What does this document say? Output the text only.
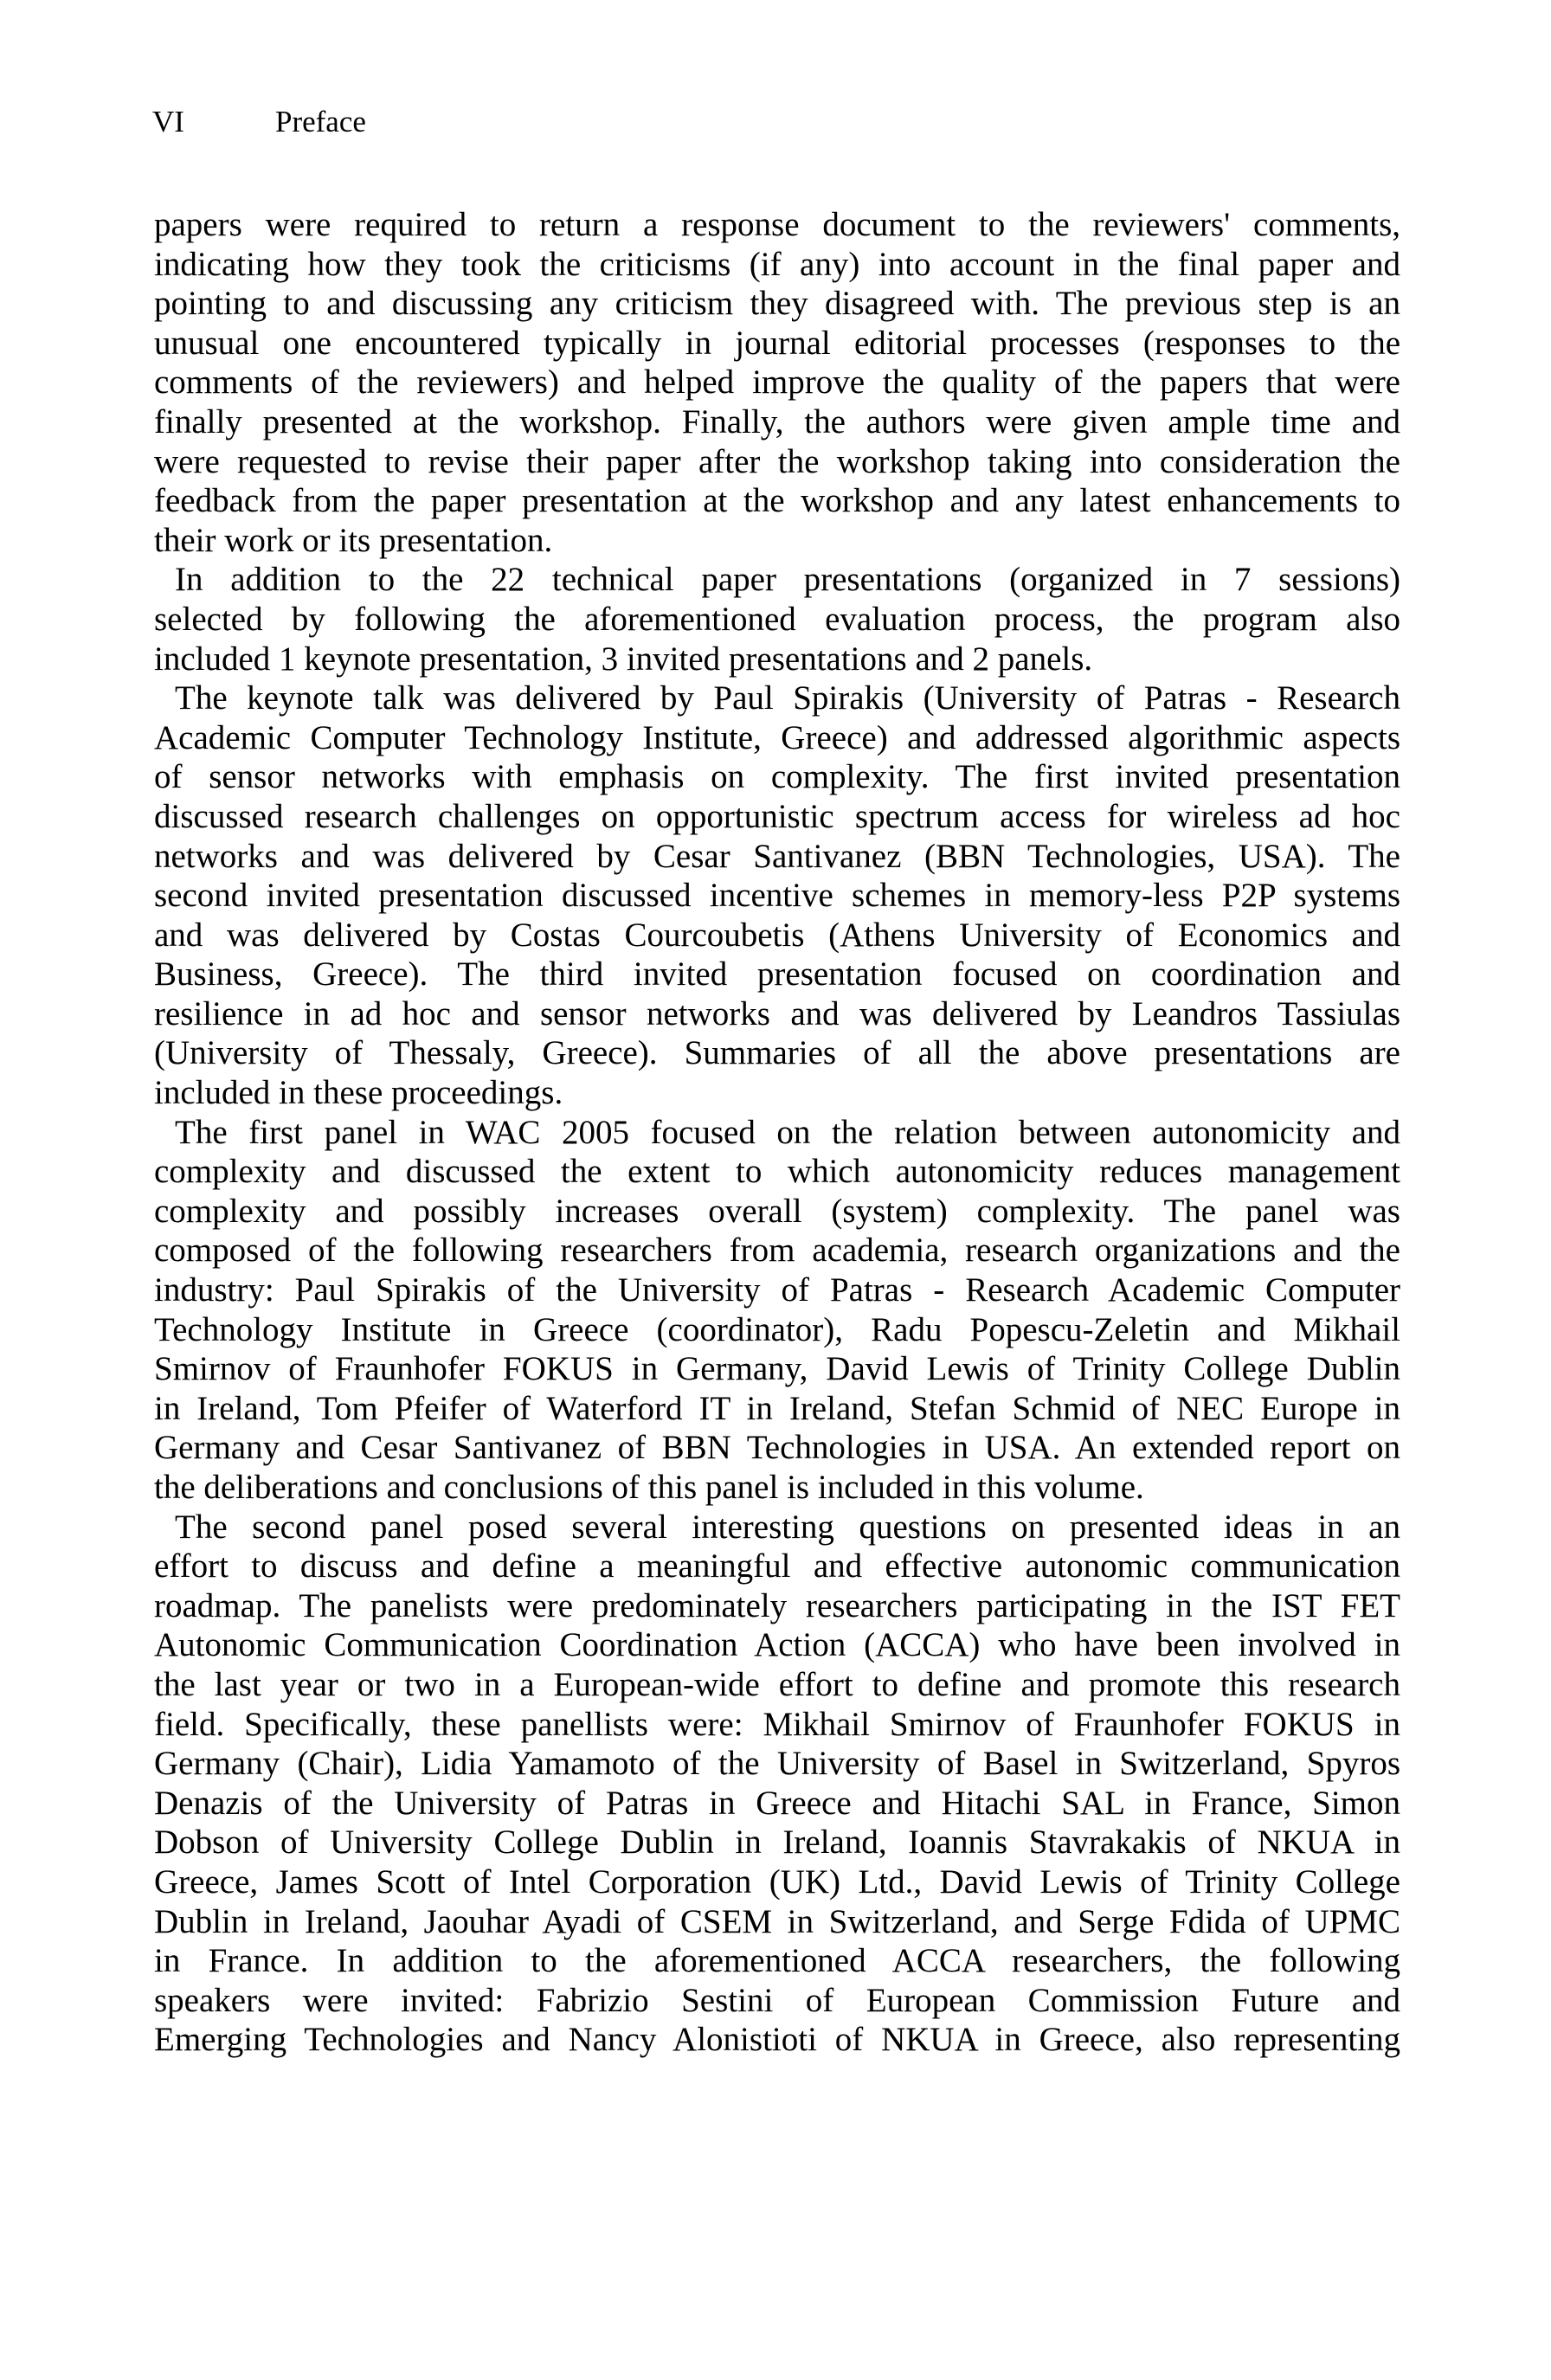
VI	Preface

papers were required to return a response document to the reviewers' comments,
indicating how they took the criticisms (if any) into account in the final paper and
pointing to and discussing any criticism they disagreed with. The previous step is an
unusual one encountered typically in journal editorial processes (responses to the
comments of the reviewers) and helped improve the quality of the papers that were
finally presented at the workshop. Finally, the authors were given ample time and
were requested to revise their paper after the workshop taking into consideration the
feedback from the paper presentation at the workshop and any latest enhancements to
their work or its presentation.

In addition to the 22 technical paper presentations (organized in 7 sessions)
selected by following the aforementioned evaluation process, the program also
included 1 keynote presentation, 3 invited presentations and 2 panels.

The keynote talk was delivered by Paul Spirakis (University of Patras - Research
Academic Computer Technology Institute, Greece) and addressed algorithmic aspects
of sensor networks with emphasis on complexity. The first invited presentation
discussed research challenges on opportunistic spectrum access for wireless ad hoc
networks and was delivered by Cesar Santivanez (BBN Technologies, USA). The
second invited presentation discussed incentive schemes in memory-less P2P systems
and was delivered by Costas Courcoubetis (Athens University of Economics and
Business, Greece). The third invited presentation focused on coordination and
resilience in ad hoc and sensor networks and was delivered by Leandros Tassiulas
(University of Thessaly, Greece). Summaries of all the above presentations are
included in these proceedings.

The first panel in WAC 2005 focused on the relation between autonomicity and
complexity and discussed the extent to which autonomicity reduces management
complexity and possibly increases overall (system) complexity. The panel was
composed of the following researchers from academia, research organizations and the
industry: Paul Spirakis of the University of Patras - Research Academic Computer
Technology Institute in Greece (coordinator), Radu Popescu-Zeletin and Mikhail
Smirnov of Fraunhofer FOKUS in Germany, David Lewis of Trinity College Dublin
in Ireland, Tom Pfeifer of Waterford IT in Ireland, Stefan Schmid of NEC Europe in
Germany and Cesar Santivanez of BBN Technologies in USA. An extended report on
the deliberations and conclusions of this panel is included in this volume.

The second panel posed several interesting questions on presented ideas in an
effort to discuss and define a meaningful and effective autonomic communication
roadmap. The panelists were predominately researchers participating in the IST FET
Autonomic Communication Coordination Action (ACCA) who have been involved in
the last year or two in a European-wide effort to define and promote this research
field. Specifically, these panellists were: Mikhail Smirnov of Fraunhofer FOKUS in
Germany (Chair), Lidia Yamamoto of the University of Basel in Switzerland, Spyros
Denazis of the University of Patras in Greece and Hitachi SAL in France, Simon
Dobson of University College Dublin in Ireland, Ioannis Stavrakakis of NKUA in
Greece, James Scott of Intel Corporation (UK) Ltd., David Lewis of Trinity College
Dublin in Ireland, Jaouhar Ayadi of CSEM in Switzerland, and Serge Fdida of UPMC
in France. In addition to the aforementioned ACCA researchers, the following
speakers were invited: Fabrizio Sestini of European Commission Future and
Emerging Technologies and Nancy Alonistioti of NKUA in Greece, also representing
